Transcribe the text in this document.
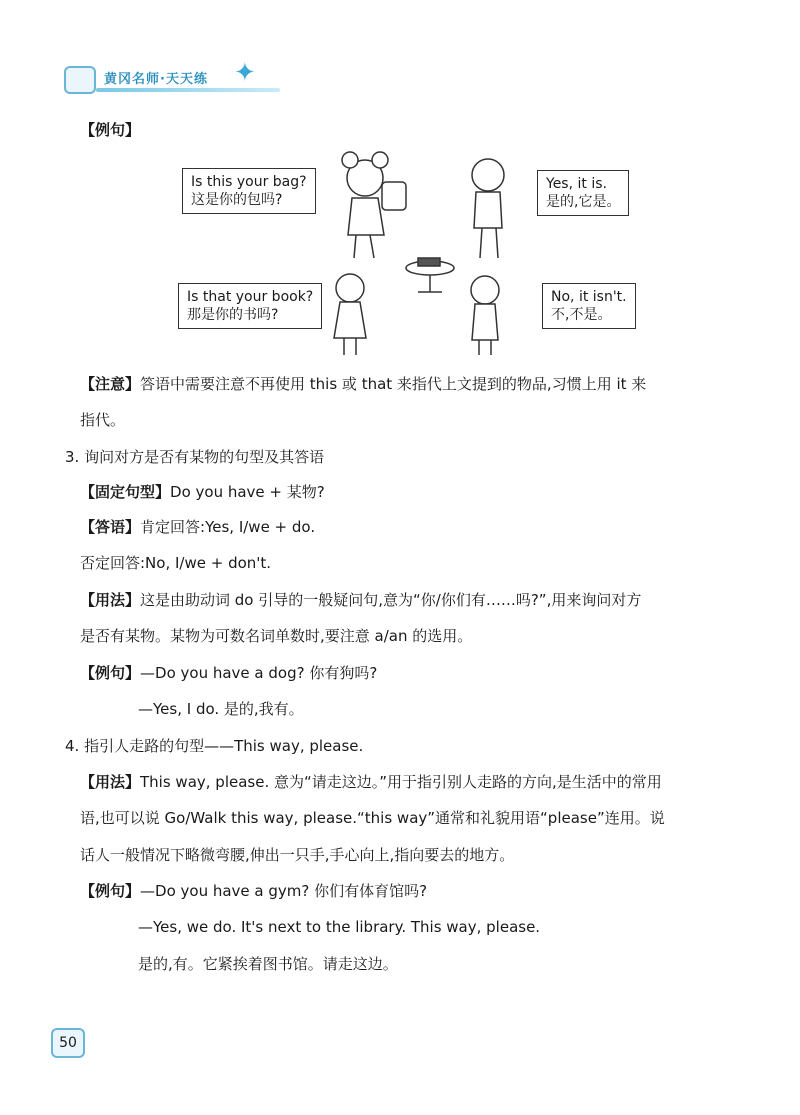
黄冈名师·天天练 ✦
【例句】
Is this your bag?
这是你的包吗?
Yes, it is.
是的,它是。
Is that your book?
那是你的书吗?
No, it isn't.
不,不是。
【注意】答语中需要注意不再使用 this 或 that 来指代上文提到的物品,习惯上用 it 来
指代。
3. 询问对方是否有某物的句型及其答语
【固定句型】Do you have + 某物?
【答语】肯定回答:Yes, I/we + do.
否定回答:No, I/we + don't.
【用法】这是由助动词 do 引导的一般疑问句,意为“你/你们有……吗?”,用来询问对方
是否有某物。某物为可数名词单数时,要注意 a/an 的选用。
【例句】—Do you have a dog? 你有狗吗?
—Yes, I do. 是的,我有。
4. 指引人走路的句型——This way, please.
【用法】This way, please. 意为“请走这边。”用于指引别人走路的方向,是生活中的常用
语,也可以说 Go/Walk this way, please.“this way”通常和礼貌用语“please”连用。说
话人一般情况下略微弯腰,伸出一只手,手心向上,指向要去的地方。
【例句】—Do you have a gym? 你们有体育馆吗?
—Yes, we do. It's next to the library. This way, please.
是的,有。它紧挨着图书馆。请走这边。
50
